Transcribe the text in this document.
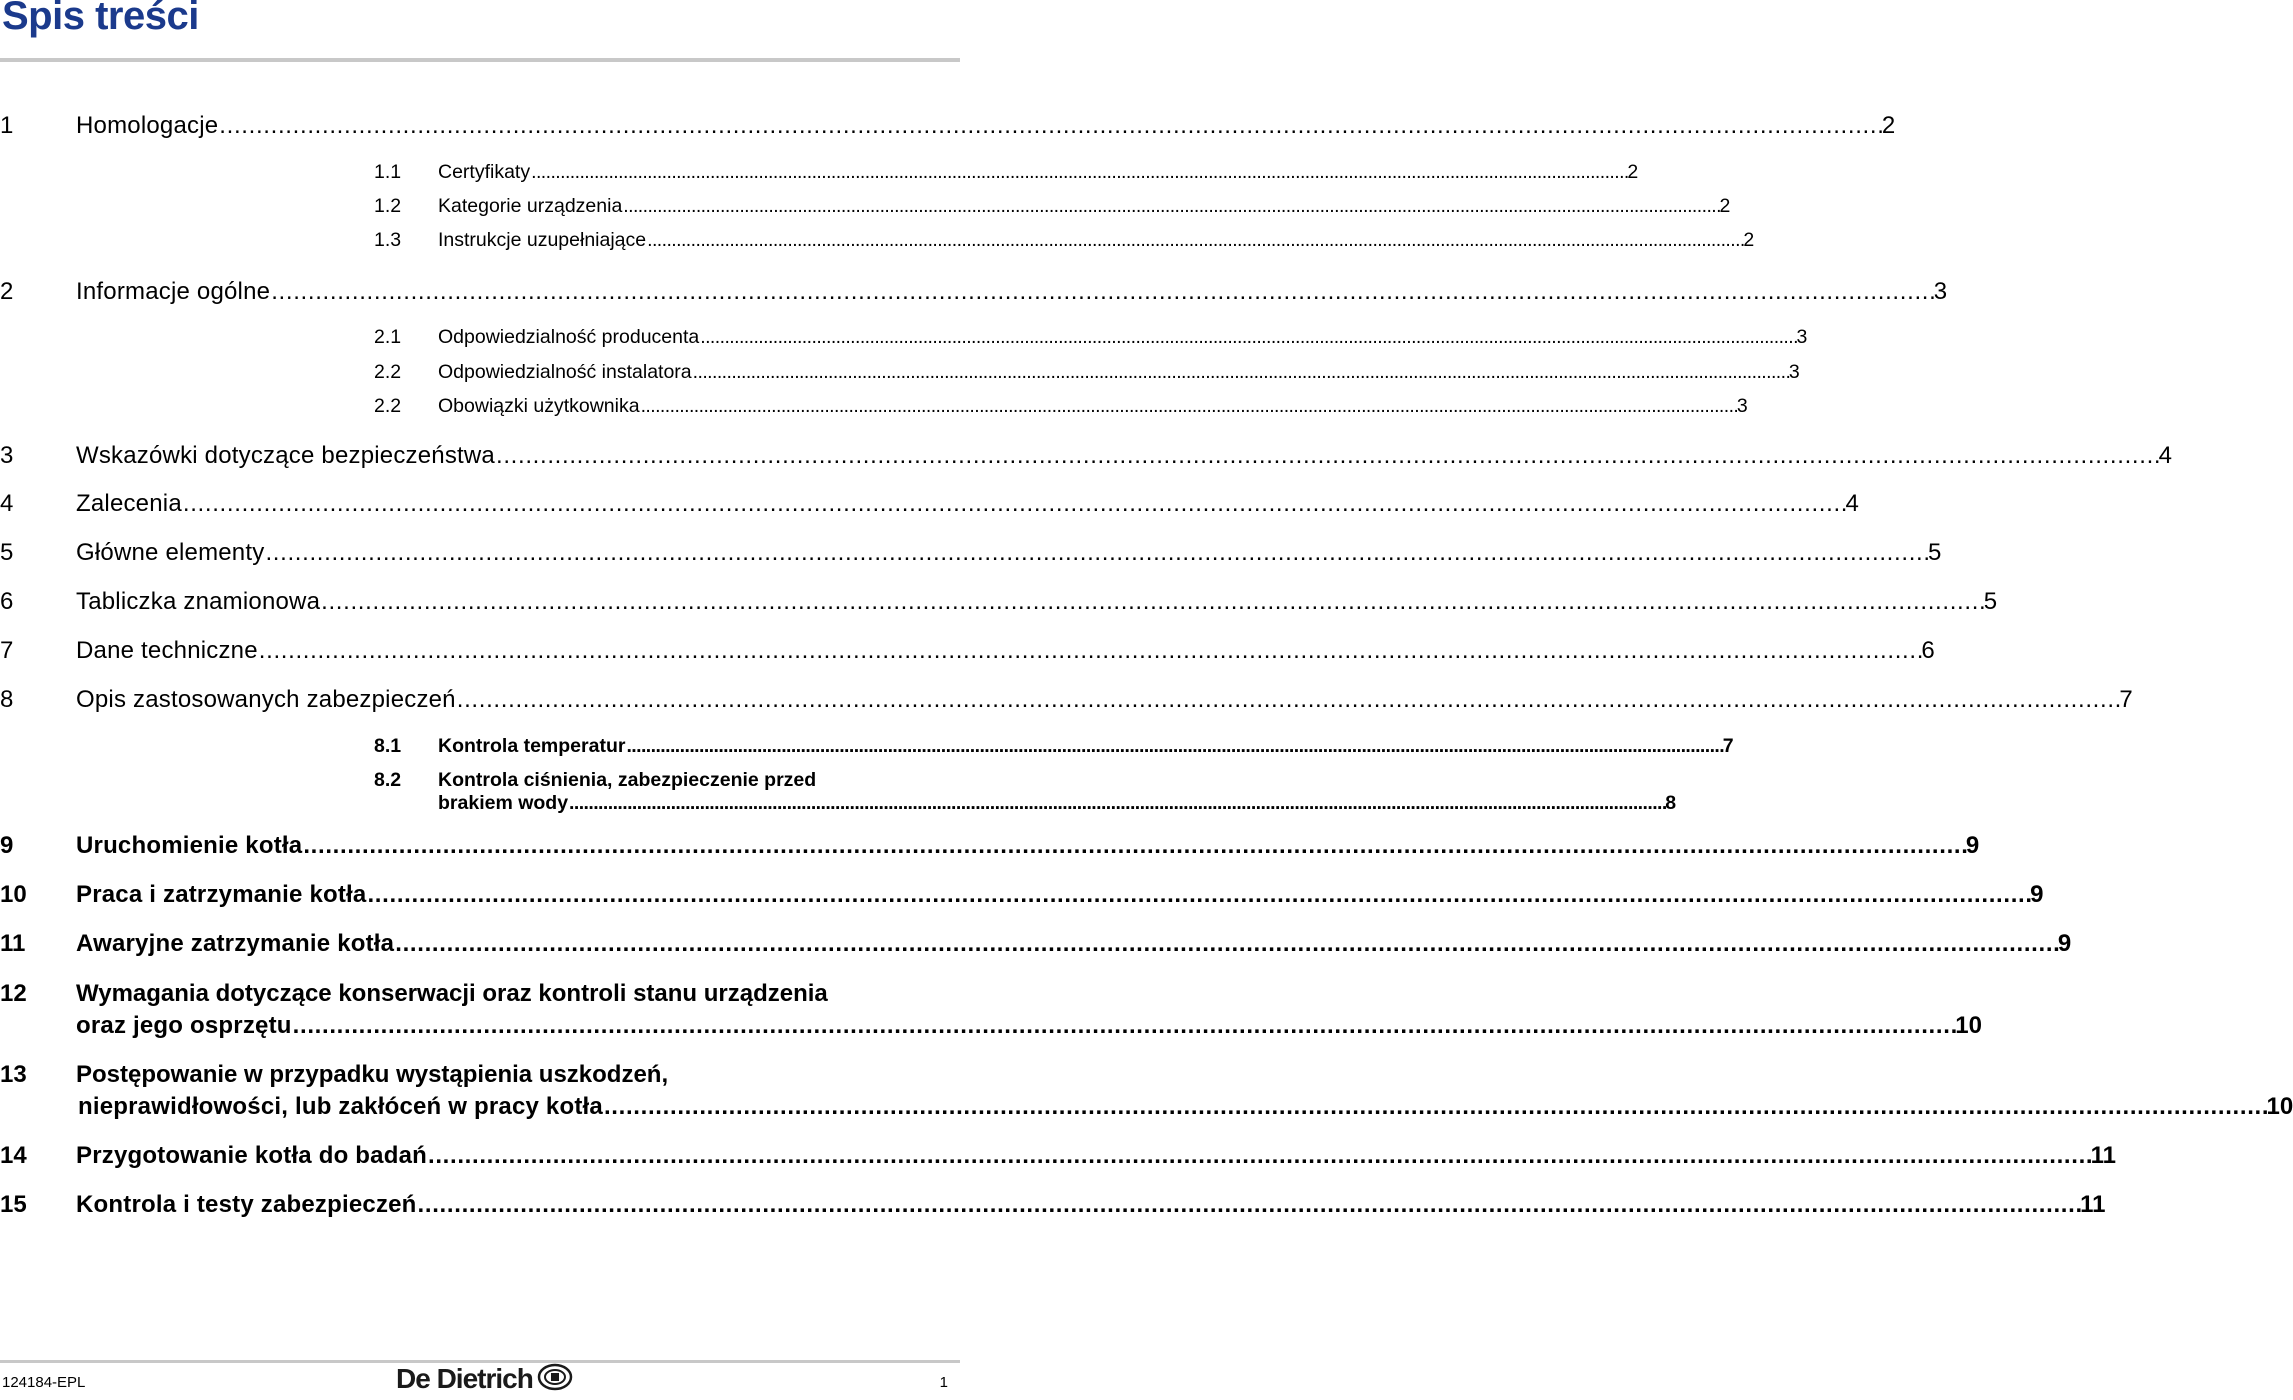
Spis treści
1	Homologacje . . .	2
1.1	Certyfikaty . . .	2
1.2	Kategorie urządzenia . . .	2
1.3	Instrukcje uzupełniające . . .	2
2	Informacje ogólne . . .	3
2.1	Odpowiedzialność producenta . . .	3
2.2	Odpowiedzialność instalatora . . .	3
2.2	Obowiązki użytkownika . . .	3
3	Wskazówki dotyczące bezpieczeństwa . . .	4
4	Zalecenia . . .	4
5	Główne elementy . . .	5
6	Tabliczka znamionowa . . .	5
7	Dane techniczne . . .	6
8	Opis zastosowanych zabezpieczeń . . .	7
8.1	Kontrola temperatur . . .	7
8.2	Kontrola ciśnienia, zabezpieczenie przed
brakiem wody . . .	8
9	Uruchomienie kotła . . .	9
10	Praca i zatrzymanie kotła . . .	9
11	Awaryjne zatrzymanie kotła . . .	9
12	Wymagania dotyczące konserwacji oraz kontroli stanu urządzenia
oraz jego osprzętu . . .	10
13	Postępowanie w przypadku wystąpienia uszkodzeń,
nieprawidłowości, lub zakłóceń w pracy kotła . . .	10
14	Przygotowanie kotła do badań . . .	11
15	Kontrola i testy zabezpieczeń . . .	11
124184-EPL	De Dietrich	1
